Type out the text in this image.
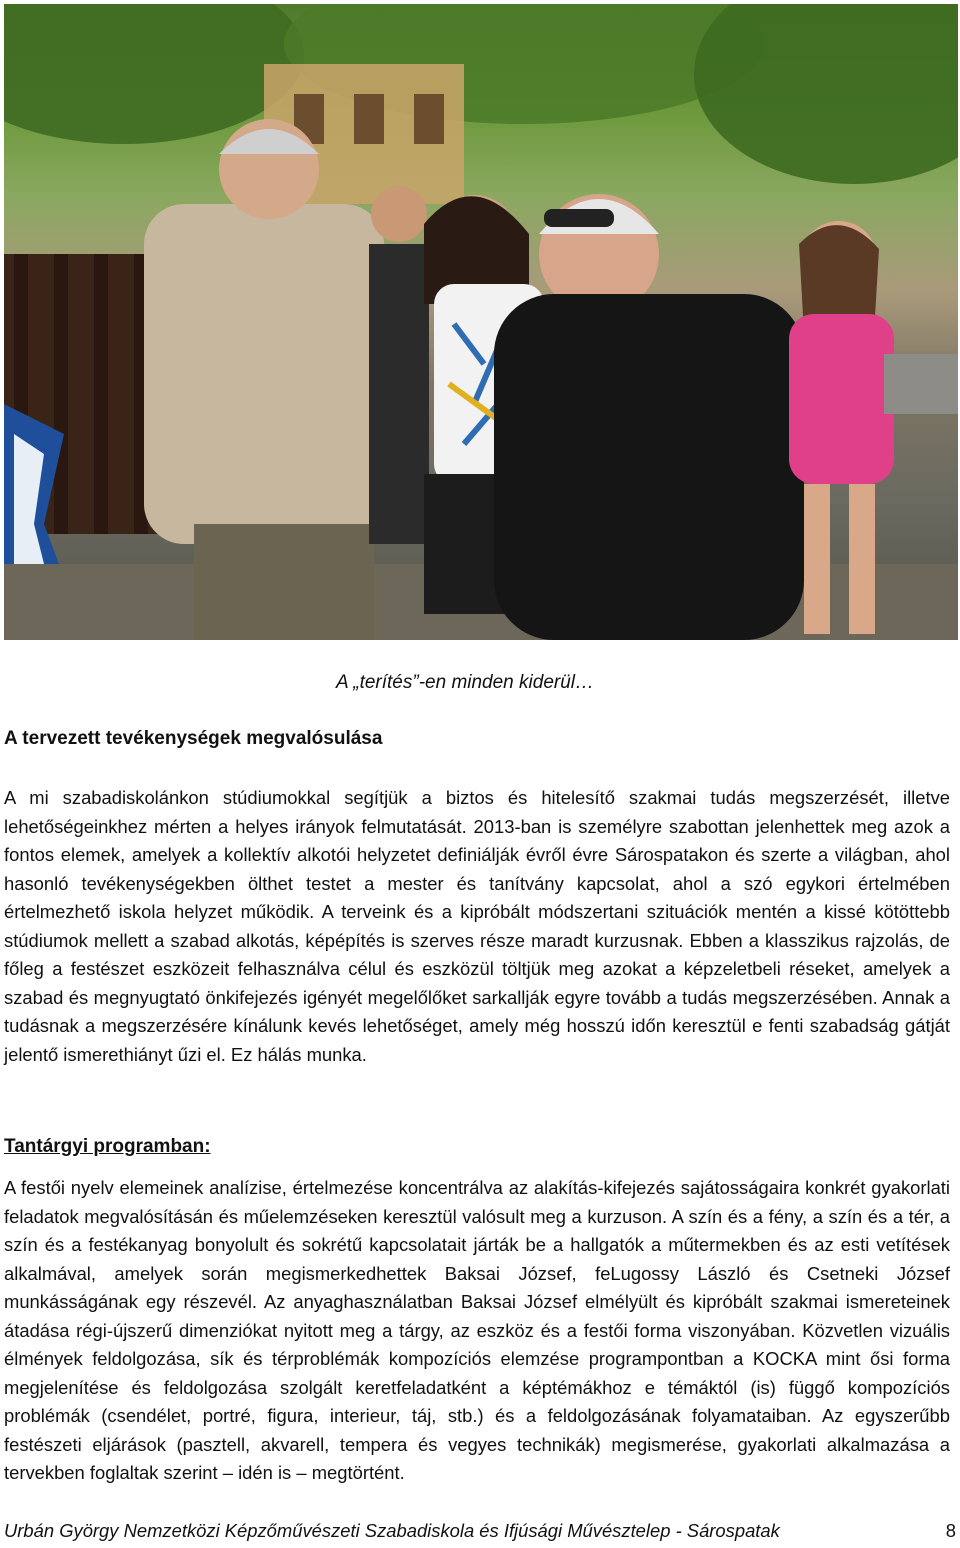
A „terítés”-en minden kiderül…
A tervezett tevékenységek megvalósulása

A mi szabadiskolánkon stúdiumokkal segítjük a biztos és hitelesítő szakmai tudás megszerzését, illetve lehetőségeinkhez mérten a helyes irányok felmutatását. 2013-ban is személyre szabottan jelenhettek meg azok a fontos elemek, amelyek a kollektív alkotói helyzetet definiálják évről évre Sárospatakon és szerte a világban, ahol hasonló tevékenységekben ölthet testet a mester és tanítvány kapcsolat, ahol a szó egykori értelmében értelmezhető iskola helyzet működik. A terveink és a kipróbált módszertani szituációk mentén a kissé kötöttebb stúdiumok mellett a szabad alkotás, képépítés is szerves része maradt kurzusnak. Ebben a klasszikus rajzolás, de főleg a festészet eszközeit felhasználva célul és eszközül töltjük meg azokat a képzeletbeli réseket, amelyek a szabad és megnyugtató önkifejezés igényét megelőlőket sarkallják egyre tovább a tudás megszerzésében. Annak a tudásnak a megszerzésére kínálunk kevés lehetőséget, amely még hosszú időn keresztül e fenti szabadság gátját jelentő ismerethiányt űzi el. Ez hálás munka.

Tantárgyi programban:

A festői nyelv elemeinek analízise, értelmezése koncentrálva az alakítás-kifejezés sajátosságaira konkrét gyakorlati feladatok megvalósításán és műelemzéseken keresztül valósult meg a kurzuson. A szín és a fény, a szín és a tér, a szín és a festékanyag bonyolult és sokrétű kapcsolatait járták be a hallgatók a műtermekben és az esti vetítések alkalmával, amelyek során megismerkedhettek Baksai József, feLugossy László és Csetneki József munkásságának egy részevél. Az anyaghasználatban Baksai József elmélyült és kipróbált szakmai ismereteinek átadása régi-újszerű dimenziókat nyitott meg a tárgy, az eszköz és a festői forma viszonyában. Közvetlen vizuális élmények feldolgozása, sík és térproblémák kompozíciós elemzése programpontban a KOCKA mint ősi forma megjelenítése és feldolgozása szolgált keretfeladatként a képtémákhoz e témáktól (is) függő kompozíciós problémák (csendélet, portré, figura, interieur, táj, stb.) és a feldolgozásának folyamataiban. Az egyszerűbb festészeti eljárások (pasztell, akvarell, tempera és vegyes technikák) megismerése, gyakorlati alkalmazása a tervekben foglaltak szerint – idén is – megtörtént.

Urbán György Nemzetközi Képzőművészeti Szabadiskola és Ifjúsági Művésztelep - Sárospatak	8
